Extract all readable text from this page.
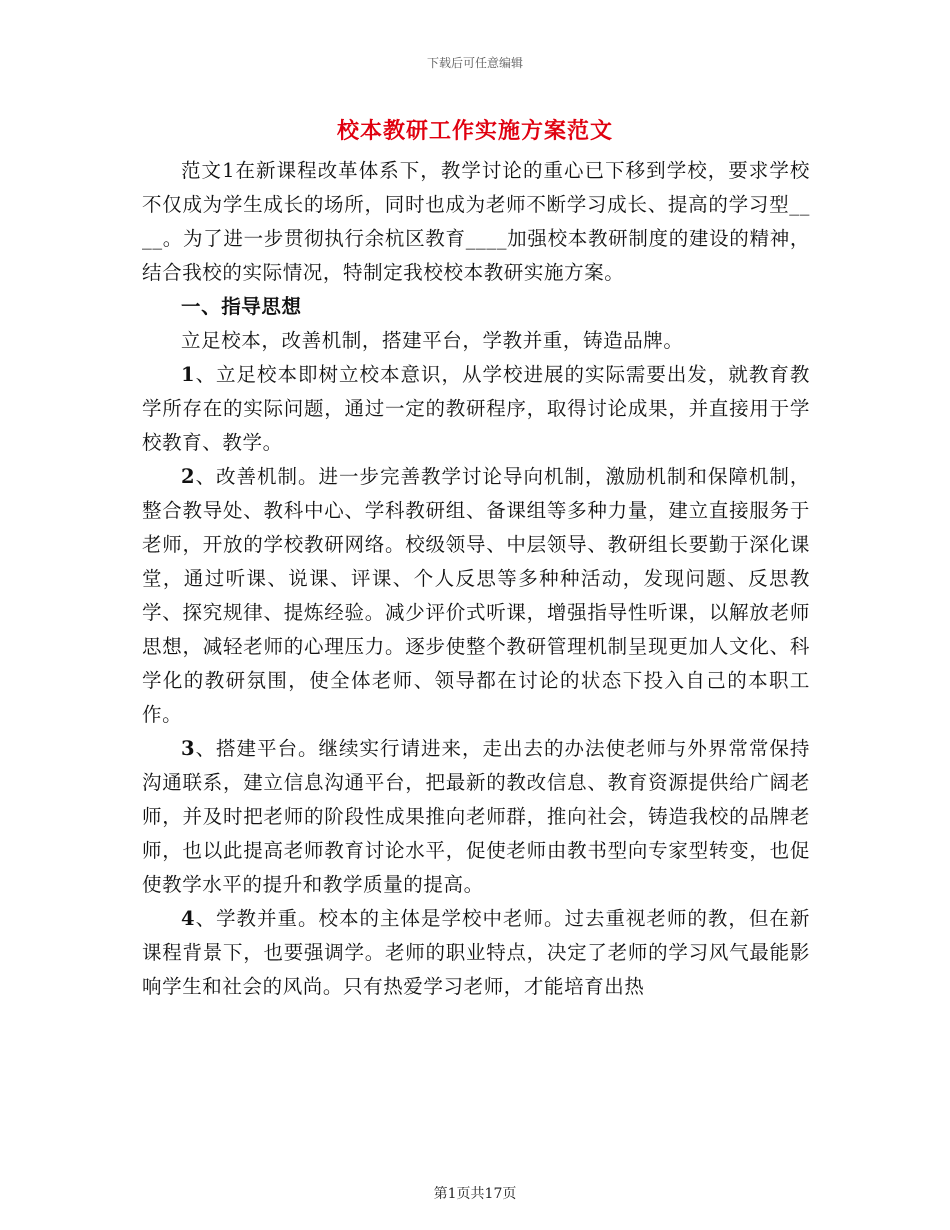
下载后可任意编辑
校本教研工作实施方案范文

范文1在新课程改革体系下，教学讨论的重心已下移到学校，要求学校不仅成为学生成长的场所，同时也成为老师不断学习成长、提高的学习型____。为了进一步贯彻执行余杭区教育____加强校本教研制度的建设的精神，结合我校的实际情况，特制定我校校本教研实施方案。

一、指导思想

立足校本，改善机制，搭建平台，学教并重，铸造品牌。

1、立足校本即树立校本意识，从学校进展的实际需要出发，就教育教学所存在的实际问题，通过一定的教研程序，取得讨论成果，并直接用于学校教育、教学。

2、改善机制。进一步完善教学讨论导向机制，激励机制和保障机制，整合教导处、教科中心、学科教研组、备课组等多种力量，建立直接服务于老师，开放的学校教研网络。校级领导、中层领导、教研组长要勤于深化课堂，通过听课、说课、评课、个人反思等多种种活动，发现问题、反思教学、探究规律、提炼经验。减少评价式听课，增强指导性听课，以解放老师思想，减轻老师的心理压力。逐步使整个教研管理机制呈现更加人文化、科学化的教研氛围，使全体老师、领导都在讨论的状态下投入自己的本职工作。

3、搭建平台。继续实行请进来，走出去的办法使老师与外界常常保持沟通联系，建立信息沟通平台，把最新的教改信息、教育资源提供给广阔老师，并及时把老师的阶段性成果推向老师群，推向社会，铸造我校的品牌老师，也以此提高老师教育讨论水平，促使老师由教书型向专家型转变，也促使教学水平的提升和教学质量的提高。

4、学教并重。校本的主体是学校中老师。过去重视老师的教，但在新课程背景下，也要强调学。老师的职业特点，决定了老师的学习风气最能影响学生和社会的风尚。只有热爱学习老师，才能培育出热

第1页共17页
